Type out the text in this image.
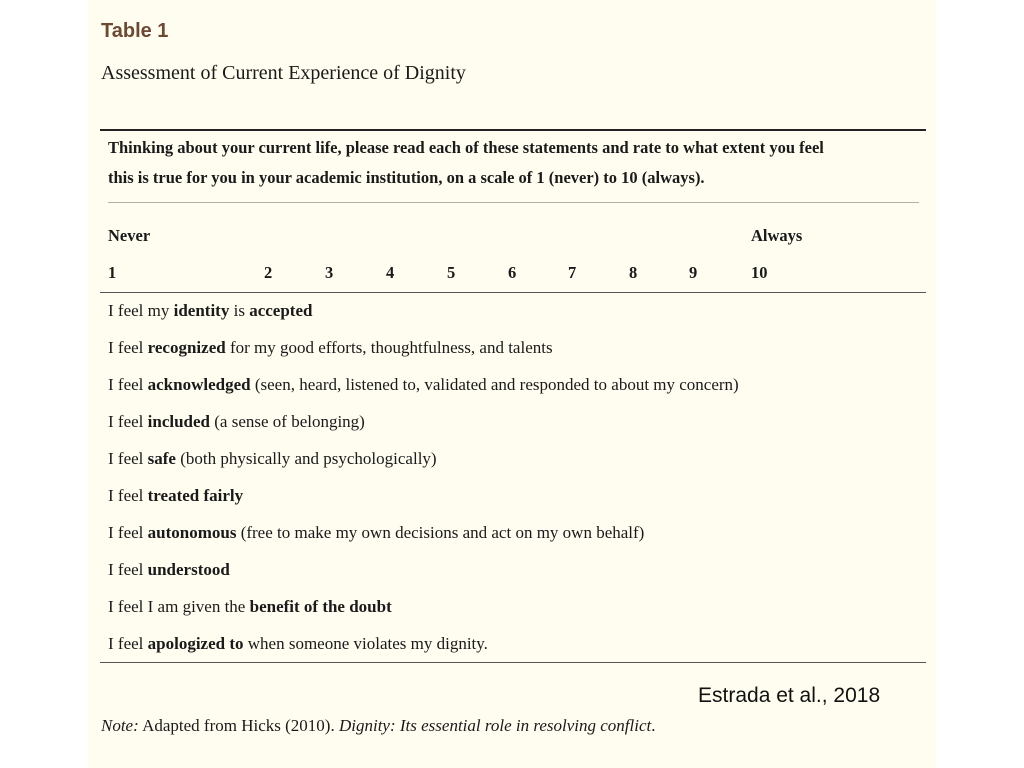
Table 1
Assessment of Current Experience of Dignity
Thinking about your current life, please read each of these statements and rate to what extent you feel
this is true for you in your academic institution, on a scale of 1 (never) to 10 (always).
Never	Always
1	2	3	4	5	6	7	8	9	10
I feel my identity is accepted
I feel recognized for my good efforts, thoughtfulness, and talents
I feel acknowledged (seen, heard, listened to, validated and responded to about my concern)
I feel included (a sense of belonging)
I feel safe (both physically and psychologically)
I feel treated fairly
I feel autonomous (free to make my own decisions and act on my own behalf)
I feel understood
I feel I am given the benefit of the doubt
I feel apologized to when someone violates my dignity.
Estrada et al., 2018
Note: Adapted from Hicks (2010). Dignity: Its essential role in resolving conflict.
